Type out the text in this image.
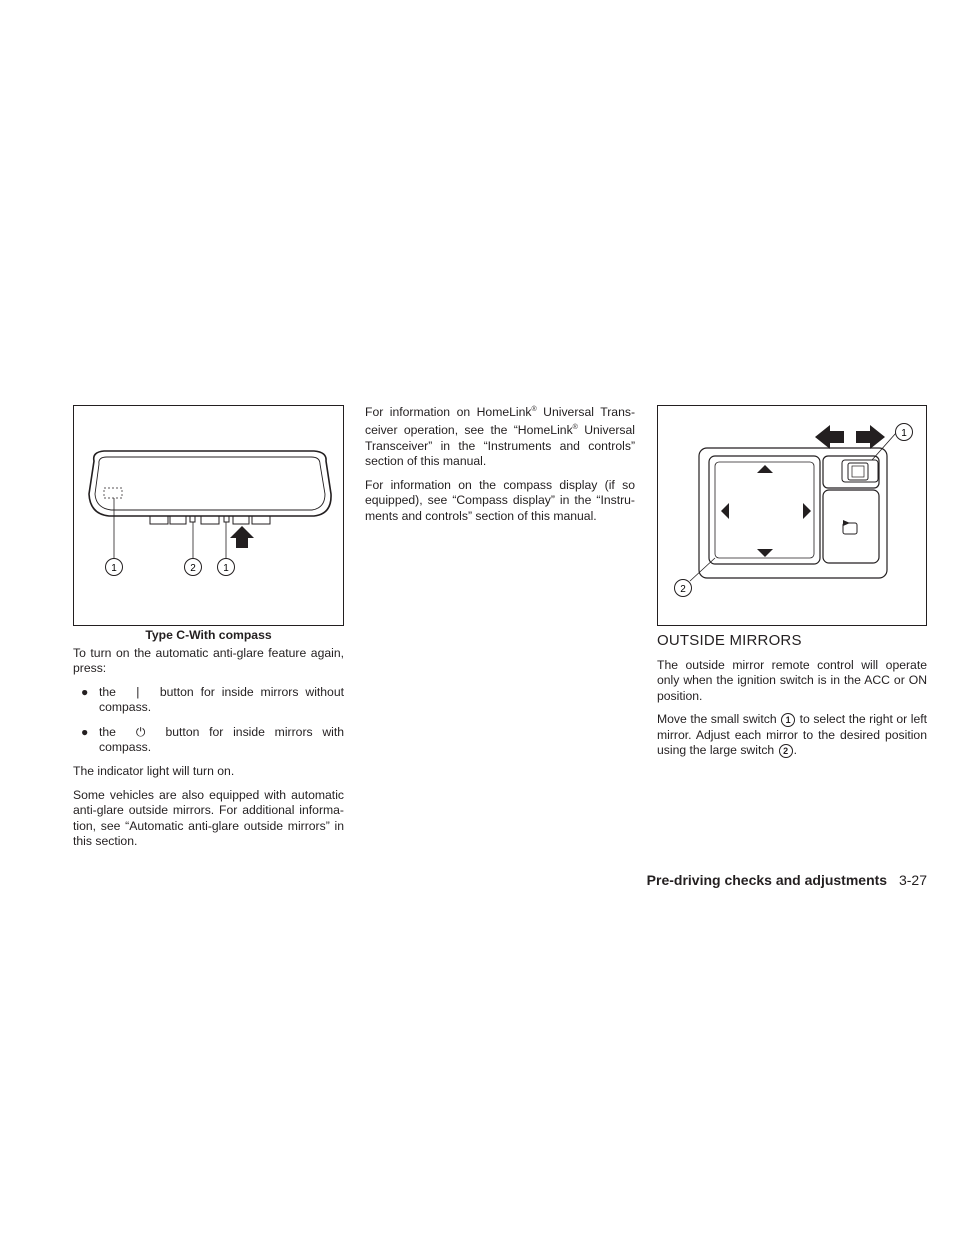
1	2	1
Type C-With compass

To turn on the automatic anti-glare feature again, press:

● the | button for inside mirrors without compass.
● the ⏻ button for inside mirrors with compass.

The indicator light will turn on.

Some vehicles are also equipped with automatic anti-glare outside mirrors. For additional informa-tion, see “Automatic anti-glare outside mirrors” in this section.

For information on HomeLink® Universal Trans-ceiver operation, see the “HomeLink® Universal Transceiver” in the “Instruments and controls” section of this manual.

For information on the compass display (if so equipped), see “Compass display” in the “Instru-ments and controls” section of this manual.

1
2
OUTSIDE MIRRORS

The outside mirror remote control will operate only when the ignition switch is in the ACC or ON position.

Move the small switch 1 to select the right or left mirror. Adjust each mirror to the desired position using the large switch 2 .

Pre-driving checks and adjustments 3-27
